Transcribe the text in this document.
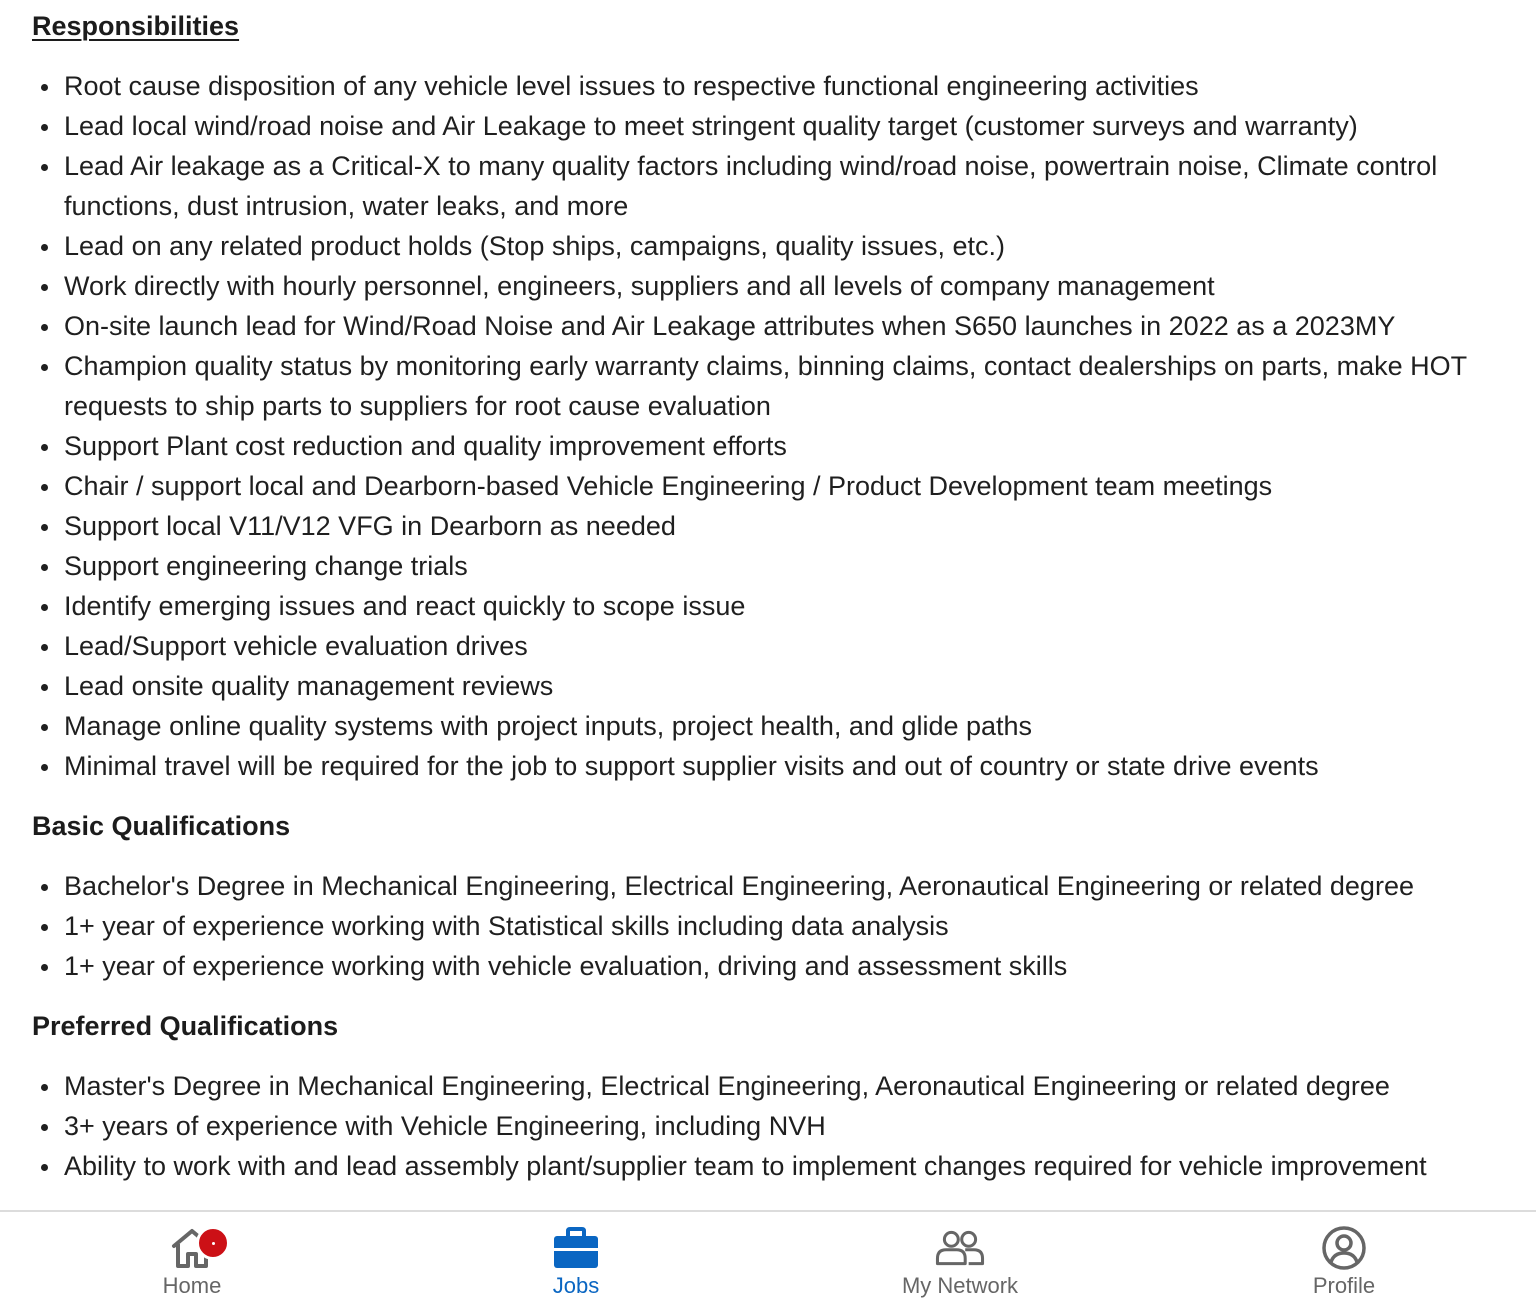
Responsibilities
Root cause disposition of any vehicle level issues to respective functional engineering activities
Lead local wind/road noise and Air Leakage to meet stringent quality target (customer surveys and warranty)
Lead Air leakage as a Critical-X to many quality factors including wind/road noise, powertrain noise, Climate control functions, dust intrusion, water leaks, and more
Lead on any related product holds (Stop ships, campaigns, quality issues, etc.)
Work directly with hourly personnel, engineers, suppliers and all levels of company management
On-site launch lead for Wind/Road Noise and Air Leakage attributes when S650 launches in 2022 as a 2023MY
Champion quality status by monitoring early warranty claims, binning claims, contact dealerships on parts, make HOT requests to ship parts to suppliers for root cause evaluation
Support Plant cost reduction and quality improvement efforts
Chair / support local and Dearborn-based Vehicle Engineering / Product Development team meetings
Support local V11/V12 VFG in Dearborn as needed
Support engineering change trials
Identify emerging issues and react quickly to scope issue
Lead/Support vehicle evaluation drives
Lead onsite quality management reviews
Manage online quality systems with project inputs, project health, and glide paths
Minimal travel will be required for the job to support supplier visits and out of country or state drive events
Basic Qualifications
Bachelor's Degree in Mechanical Engineering, Electrical Engineering, Aeronautical Engineering or related degree
1+ year of experience working with Statistical skills including data analysis
1+ year of experience working with vehicle evaluation, driving and assessment skills
Preferred Qualifications
Master's Degree in Mechanical Engineering, Electrical Engineering, Aeronautical Engineering or related degree
3+ years of experience with Vehicle Engineering, including NVH
Ability to work with and lead assembly plant/supplier team to implement changes required for vehicle improvement
Home	Jobs	My Network	Profile
